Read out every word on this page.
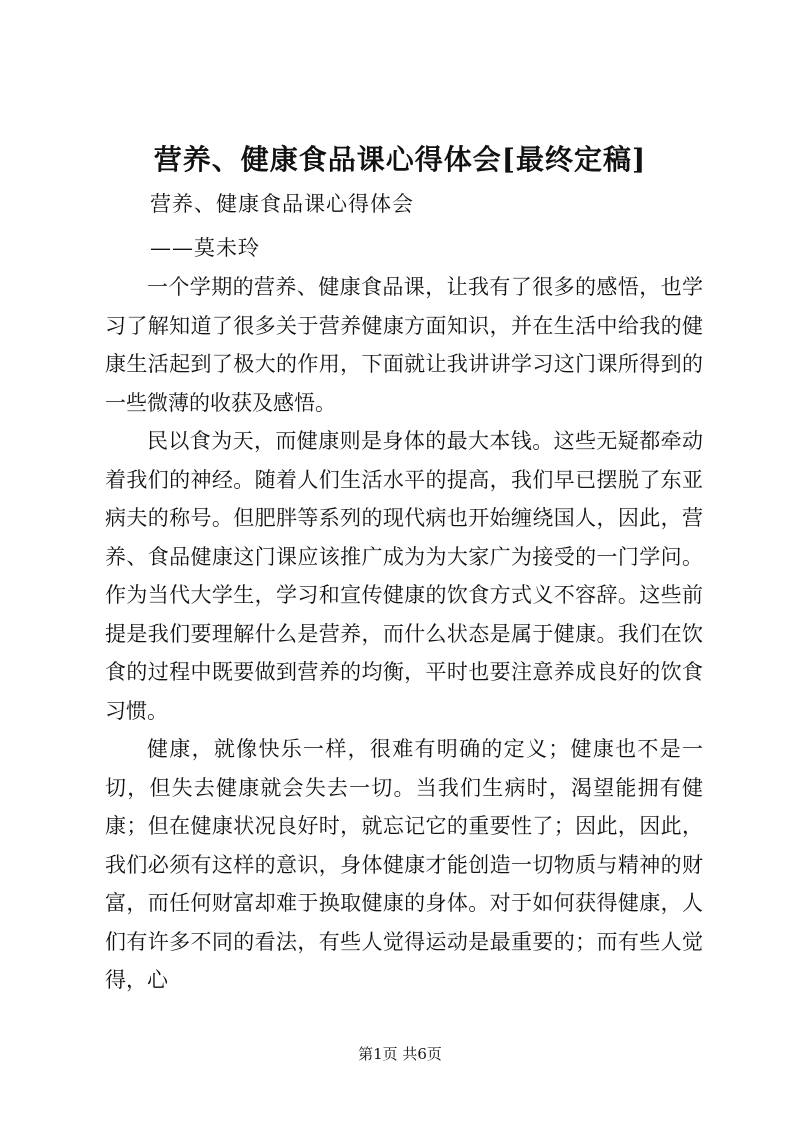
营养、健康食品课心得体会[最终定稿]
营养、健康食品课心得体会
——莫未玲

一个学期的营养、健康食品课，让我有了很多的感悟，也学习了解知道了很多关于营养健康方面知识，并在生活中给我的健康生活起到了极大的作用，下面就让我讲讲学习这门课所得到的一些微薄的收获及感悟。

民以食为天，而健康则是身体的最大本钱。这些无疑都牵动着我们的神经。随着人们生活水平的提高，我们早已摆脱了东亚病夫的称号。但肥胖等系列的现代病也开始缠绕国人，因此，营养、食品健康这门课应该推广成为为大家广为接受的一门学问。作为当代大学生，学习和宣传健康的饮食方式义不容辞。这些前提是我们要理解什么是营养，而什么状态是属于健康。我们在饮食的过程中既要做到营养的均衡，平时也要注意养成良好的饮食习惯。

健康，就像快乐一样，很难有明确的定义；健康也不是一切，但失去健康就会失去一切。当我们生病时，渴望能拥有健康；但在健康状况良好时，就忘记它的重要性了；因此，因此，我们必须有这样的意识，身体健康才能创造一切物质与精神的财富，而任何财富却难于换取健康的身体。对于如何获得健康，人们有许多不同的看法，有些人觉得运动是最重要的；而有些人觉得，心

第1页 共6页
